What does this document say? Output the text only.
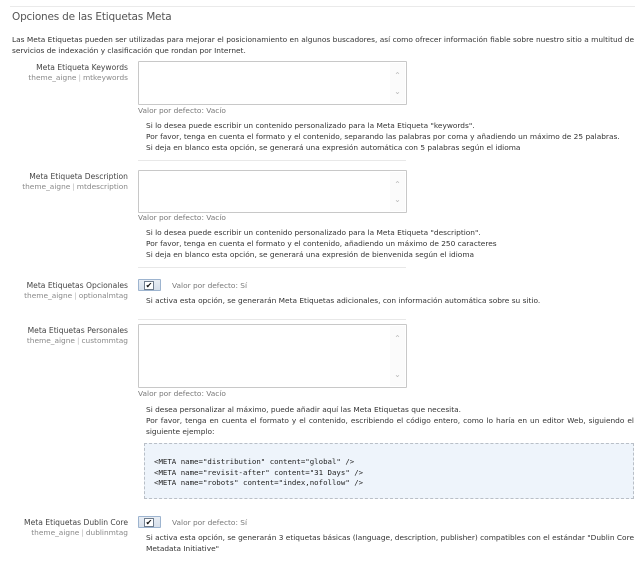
Opciones de las Etiquetas Meta
Las Meta Etiquetas pueden ser utilizadas para mejorar el posicionamiento en algunos buscadores, así como ofrecer información fiable sobre nuestro sitio a multitud de servicios de indexación y clasificación que rondan por Internet.
Meta Etiqueta Keywords
theme_aigne | mtkeywords	⌃
⌄
Valor por defecto: Vacío
Si lo desea puede escribir un contenido personalizado para la Meta Etiqueta "keywords".
Por favor, tenga en cuenta el formato y el contenido, separando las palabras por coma y añadiendo un máximo de 25 palabras.
Si deja en blanco esta opción, se generará una expresión automática con 5 palabras según el idioma
Meta Etiqueta Description
theme_aigne | mtdescription	⌃
⌄
Valor por defecto: Vacío
Si lo desea puede escribir un contenido personalizado para la Meta Etiqueta "description".
Por favor, tenga en cuenta el formato y el contenido, añadiendo un máximo de 250 caracteres
Si deja en blanco esta opción, se generará una expresión de bienvenida según el idioma
Meta Etiquetas Opcionales
theme_aigne | optionalmtag
✔	Valor por defecto: Sí
Si activa esta opción, se generarán Meta Etiquetas adicionales, con información automática sobre su sitio.
Meta Etiquetas Personales
theme_aigne | custommtag	⌃
⌄
Valor por defecto: Vacío
Si desea personalizar al máximo, puede añadir aquí las Meta Etiquetas que necesita.
Por favor, tenga en cuenta el formato y el contenido, escribiendo el código entero, como lo haría en un editor Web, siguiendo el siguiente ejemplo:
<META name="distribution" content="global" />
<META name="revisit-after" content="31 Days" />
<META name="robots" content="index,nofollow" />
Meta Etiquetas Dublin Core
theme_aigne | dublinmtag
✔	Valor por defecto: Sí
Si activa esta opción, se generarán 3 etiquetas básicas (language, description, publisher) compatibles con el estándar "Dublin Core Metadata Initiative"
